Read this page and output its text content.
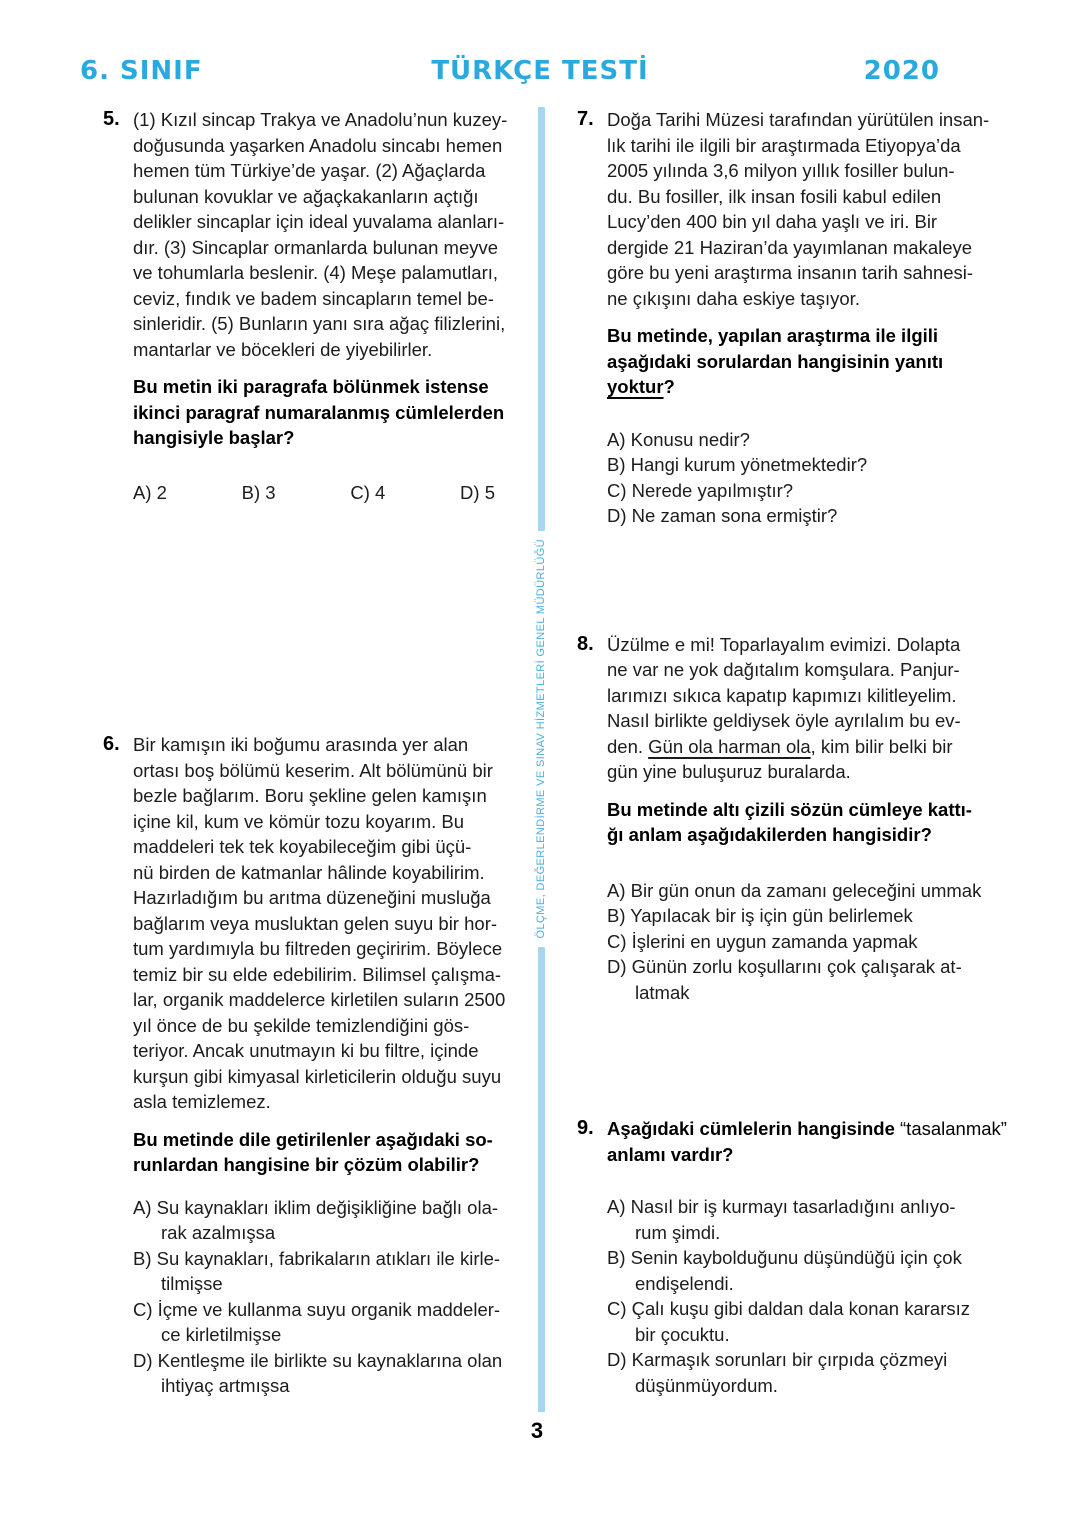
6. SINIF	TÜRKÇE TESTİ	2020
5. (1) Kızıl sincap Trakya ve Anadolu’nun kuzey-
doğusunda yaşarken Anadolu sincabı hemen
hemen tüm Türkiye’de yaşar. (2) Ağaçlarda
bulunan kovuklar ve ağaçkakanların açtığı
delikler sincaplar için ideal yuvalama alanları-
dır. (3) Sincaplar ormanlarda bulunan meyve
ve tohumlarla beslenir. (4) Meşe palamutları,
ceviz, fındık ve badem sincapların temel be-
sinleridir. (5) Bunların yanı sıra ağaç filizlerini,
mantarlar ve böcekleri de yiyebilirler.
Bu metin iki paragrafa bölünmek istense
ikinci paragraf numaralanmış cümlelerden
hangisiyle başlar?
A) 2	B) 3	C) 4	D) 5
6. Bir kamışın iki boğumu arasında yer alan
ortası boş bölümü keserim. Alt bölümünü bir
bezle bağlarım. Boru şekline gelen kamışın
içine kil, kum ve kömür tozu koyarım. Bu
maddeleri tek tek koyabileceğim gibi üçü-
nü birden de katmanlar hâlinde koyabilirim.
Hazırladığım bu arıtma düzeneğini musluğa
bağlarım veya musluktan gelen suyu bir hor-
tum yardımıyla bu filtreden geçiririm. Böylece
temiz bir su elde edebilirim. Bilimsel çalışma-
lar, organik maddelerce kirletilen suların 2500
yıl önce de bu şekilde temizlendiğini gös-
teriyor. Ancak unutmayın ki bu filtre, içinde
kurşun gibi kimyasal kirleticilerin olduğu suyu
asla temizlemez.
Bu metinde dile getirilenler aşağıdaki so-
runlardan hangisine bir çözüm olabilir?
A) Su kaynakları iklim değişikliğine bağlı ola-
rak azalmışsa
B) Su kaynakları, fabrikaların atıkları ile kirle-
tilmişse
C) İçme ve kullanma suyu organik maddeler-
ce kirletilmişse
D) Kentleşme ile birlikte su kaynaklarına olan
ihtiyaç artmışsa
7. Doğa Tarihi Müzesi tarafından yürütülen insan-
lık tarihi ile ilgili bir araştırmada Etiyopya’da
2005 yılında 3,6 milyon yıllık fosiller bulun-
du. Bu fosiller, ilk insan fosili kabul edilen
Lucy’den 400 bin yıl daha yaşlı ve iri. Bir
dergide 21 Haziran’da yayımlanan makaleye
göre bu yeni araştırma insanın tarih sahnesi-
ne çıkışını daha eskiye taşıyor.
Bu metinde, yapılan araştırma ile ilgili
aşağıdaki sorulardan hangisinin yanıtı
yoktur?
A) Konusu nedir?
B) Hangi kurum yönetmektedir?
C) Nerede yapılmıştır?
D) Ne zaman sona ermiştir?
8. Üzülme e mi! Toparlayalım evimizi. Dolapta
ne var ne yok dağıtalım komşulara. Panjur-
larımızı sıkıca kapatıp kapımızı kilitleyelim.
Nasıl birlikte geldiysek öyle ayrılalım bu ev-
den. Gün ola harman ola, kim bilir belki bir
gün yine buluşuruz buralarda.
Bu metinde altı çizili sözün cümleye kattı-
ğı anlam aşağıdakilerden hangisidir?
A) Bir gün onun da zamanı geleceğini ummak
B) Yapılacak bir iş için gün belirlemek
C) İşlerini en uygun zamanda yapmak
D) Günün zorlu koşullarını çok çalışarak at-
latmak
9. Aşağıdaki cümlelerin hangisinde “tasalanmak”
anlamı vardır?
A) Nasıl bir iş kurmayı tasarladığını anlıyo-
rum şimdi.
B) Senin kaybolduğunu düşündüğü için çok
endişelendi.
C) Çalı kuşu gibi daldan dala konan kararsız
bir çocuktu.
D) Karmaşık sorunları bir çırpıda çözmeyi
düşünmüyordum.
ÖLÇME, DEĞERLENDİRME VE SINAV HİZMETLERİ GENEL MÜDÜRLÜĞÜ
3
